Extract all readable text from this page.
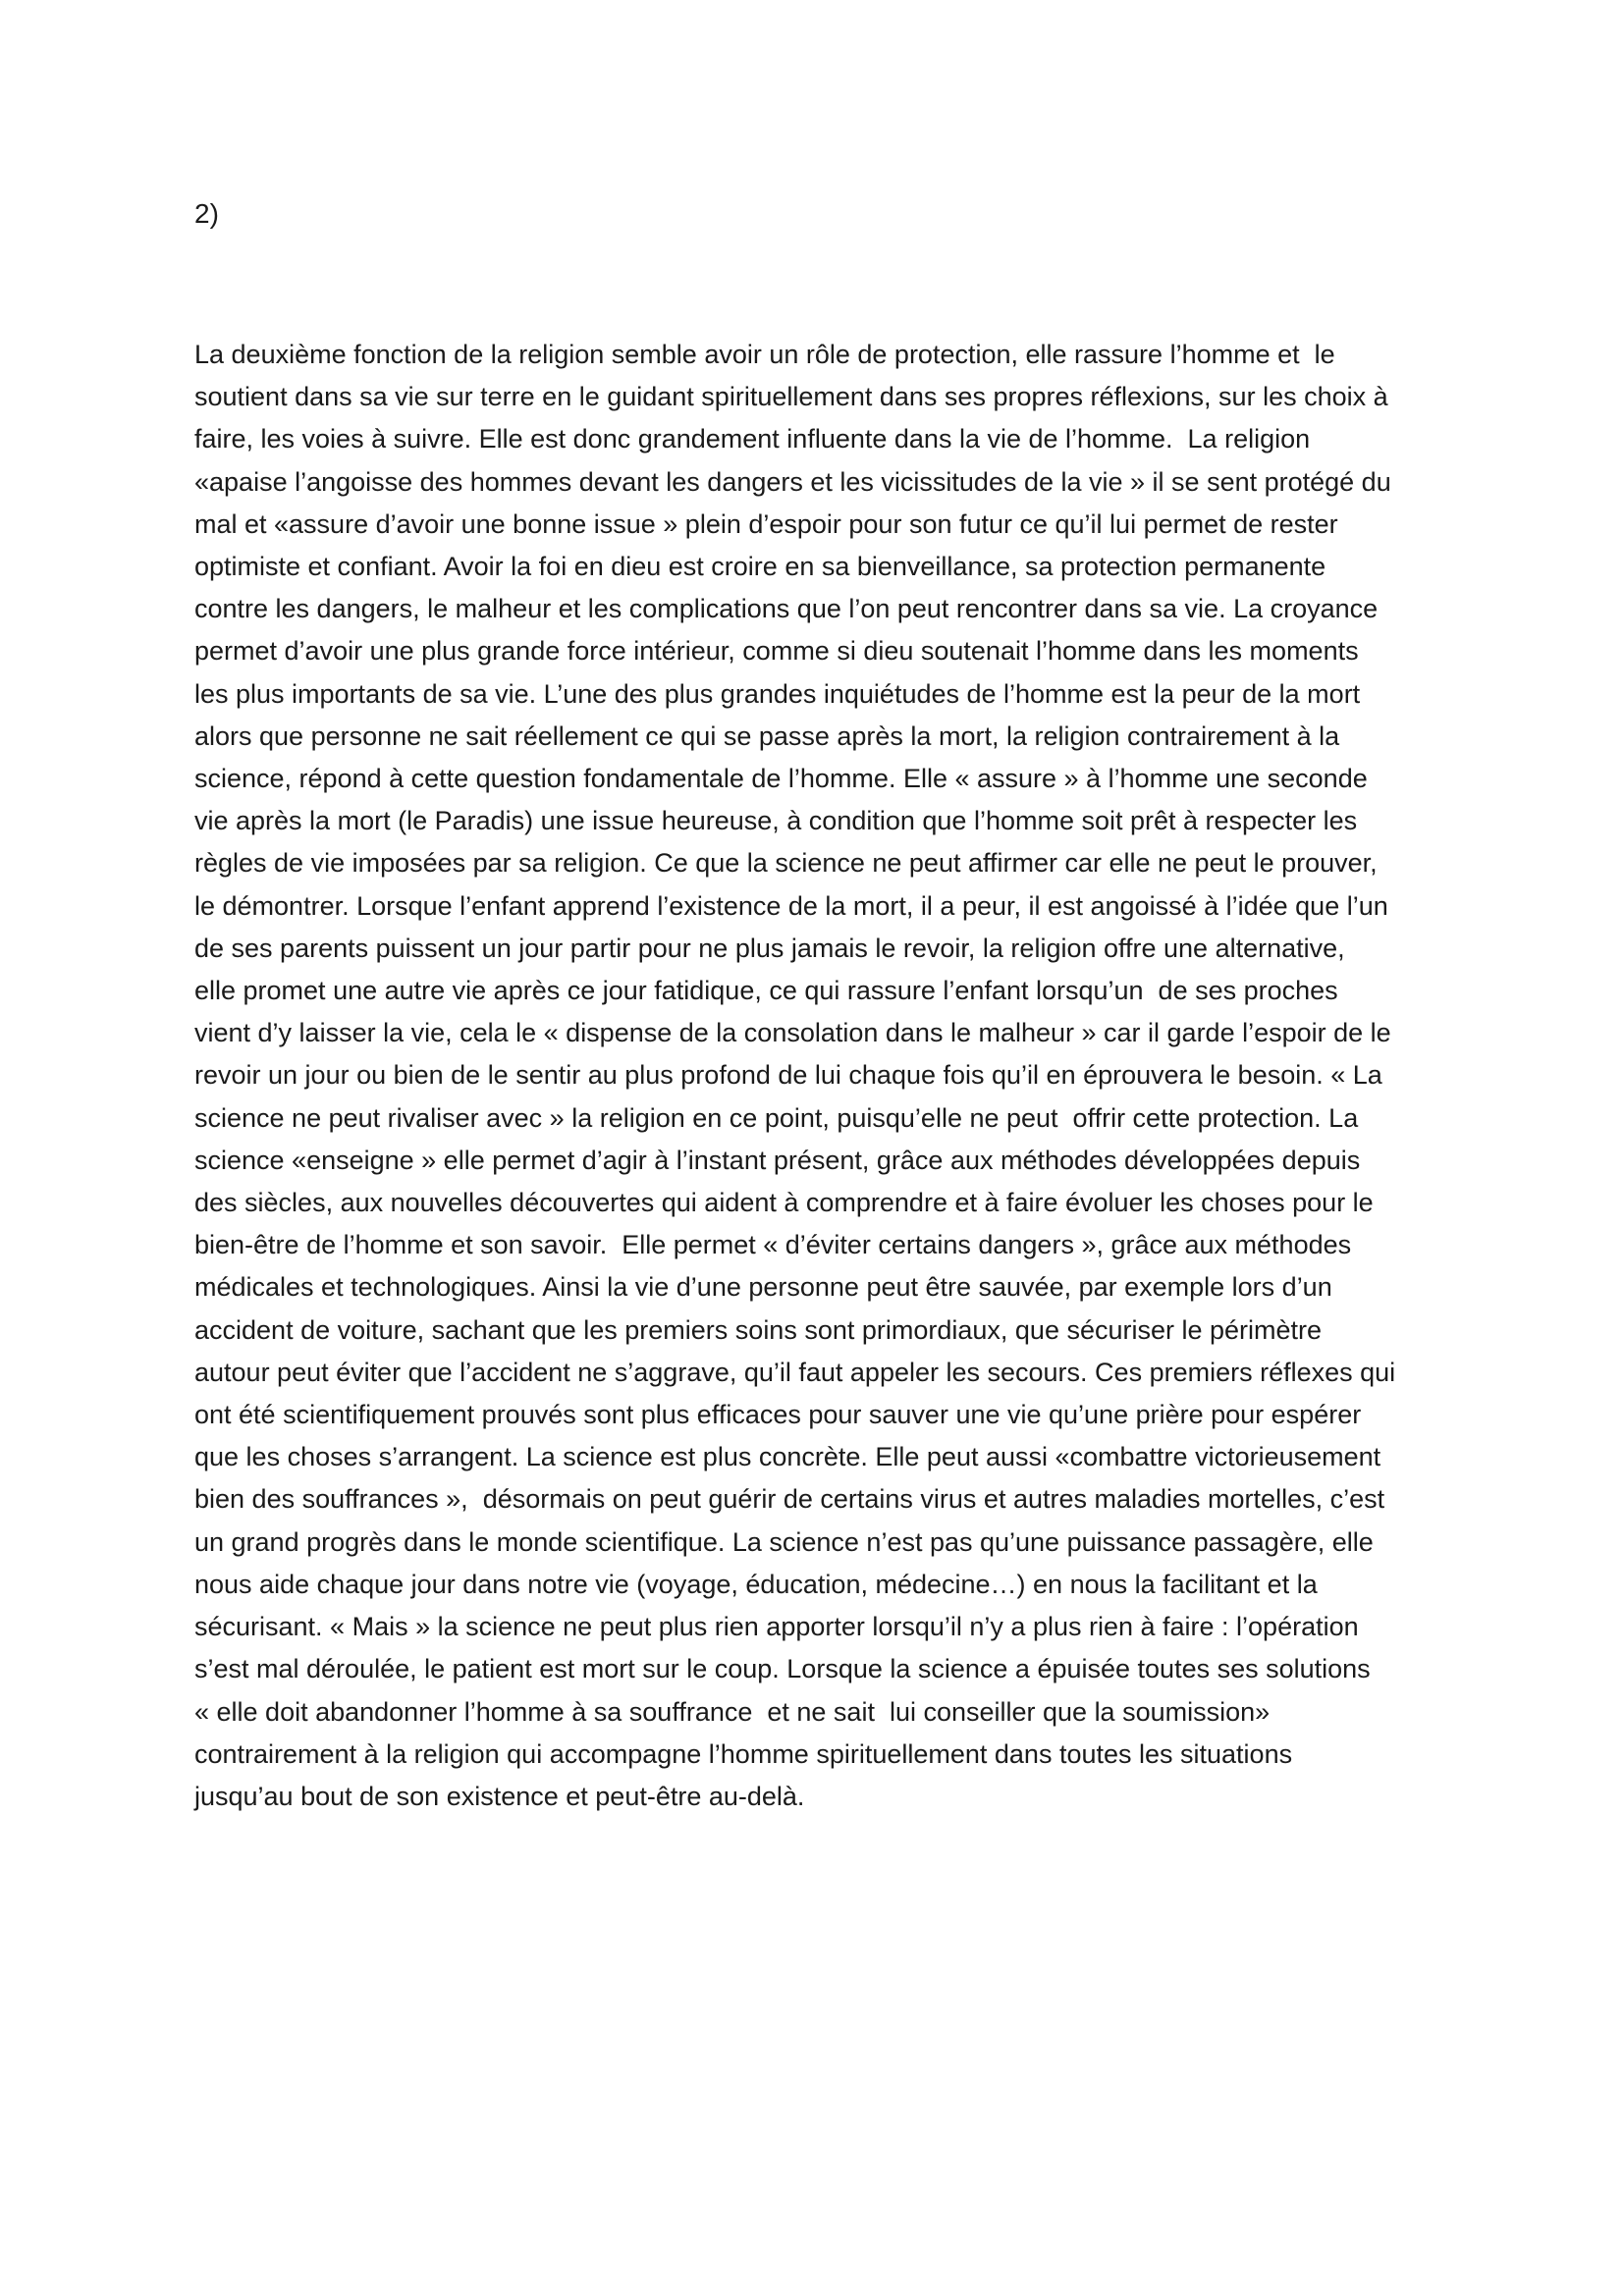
2)

La deuxième fonction de la religion semble avoir un rôle de protection, elle rassure l’homme et  le
soutient dans sa vie sur terre en le guidant spirituellement dans ses propres réflexions, sur les choix à
faire, les voies à suivre. Elle est donc grandement influente dans la vie de l’homme.  La religion
«apaise l’angoisse des hommes devant les dangers et les vicissitudes de la vie » il se sent protégé du
mal et «assure d’avoir une bonne issue » plein d’espoir pour son futur ce qu’il lui permet de rester
optimiste et confiant. Avoir la foi en dieu est croire en sa bienveillance, sa protection permanente
contre les dangers, le malheur et les complications que l’on peut rencontrer dans sa vie. La croyance
permet d’avoir une plus grande force intérieur, comme si dieu soutenait l’homme dans les moments
les plus importants de sa vie. L’une des plus grandes inquiétudes de l’homme est la peur de la mort
alors que personne ne sait réellement ce qui se passe après la mort, la religion contrairement à la
science, répond à cette question fondamentale de l’homme. Elle « assure » à l’homme une seconde
vie après la mort (le Paradis) une issue heureuse, à condition que l’homme soit prêt à respecter les
règles de vie imposées par sa religion. Ce que la science ne peut affirmer car elle ne peut le prouver,
le démontrer. Lorsque l’enfant apprend l’existence de la mort, il a peur, il est angoissé à l’idée que l’un
de ses parents puissent un jour partir pour ne plus jamais le revoir, la religion offre une alternative,
elle promet une autre vie après ce jour fatidique, ce qui rassure l’enfant lorsqu’un  de ses proches
vient d’y laisser la vie, cela le « dispense de la consolation dans le malheur » car il garde l’espoir de le
revoir un jour ou bien de le sentir au plus profond de lui chaque fois qu’il en éprouvera le besoin. « La
science ne peut rivaliser avec » la religion en ce point, puisqu’elle ne peut  offrir cette protection. La
science «enseigne » elle permet d’agir à l’instant présent, grâce aux méthodes développées depuis
des siècles, aux nouvelles découvertes qui aident à comprendre et à faire évoluer les choses pour le
bien-être de l’homme et son savoir.  Elle permet « d’éviter certains dangers », grâce aux méthodes
médicales et technologiques. Ainsi la vie d’une personne peut être sauvée, par exemple lors d’un
accident de voiture, sachant que les premiers soins sont primordiaux, que sécuriser le périmètre
autour peut éviter que l’accident ne s’aggrave, qu’il faut appeler les secours. Ces premiers réflexes qui
ont été scientifiquement prouvés sont plus efficaces pour sauver une vie qu’une prière pour espérer
que les choses s’arrangent. La science est plus concrète. Elle peut aussi «combattre victorieusement
bien des souffrances »,  désormais on peut guérir de certains virus et autres maladies mortelles, c’est
un grand progrès dans le monde scientifique. La science n’est pas qu’une puissance passagère, elle
nous aide chaque jour dans notre vie (voyage, éducation, médecine…) en nous la facilitant et la
sécurisant. « Mais » la science ne peut plus rien apporter lorsqu’il n’y a plus rien à faire : l’opération
s’est mal déroulée, le patient est mort sur le coup. Lorsque la science a épuisée toutes ses solutions
« elle doit abandonner l’homme à sa souffrance  et ne sait  lui conseiller que la soumission»
contrairement à la religion qui accompagne l’homme spirituellement dans toutes les situations
jusqu’au bout de son existence et peut-être au-delà.
